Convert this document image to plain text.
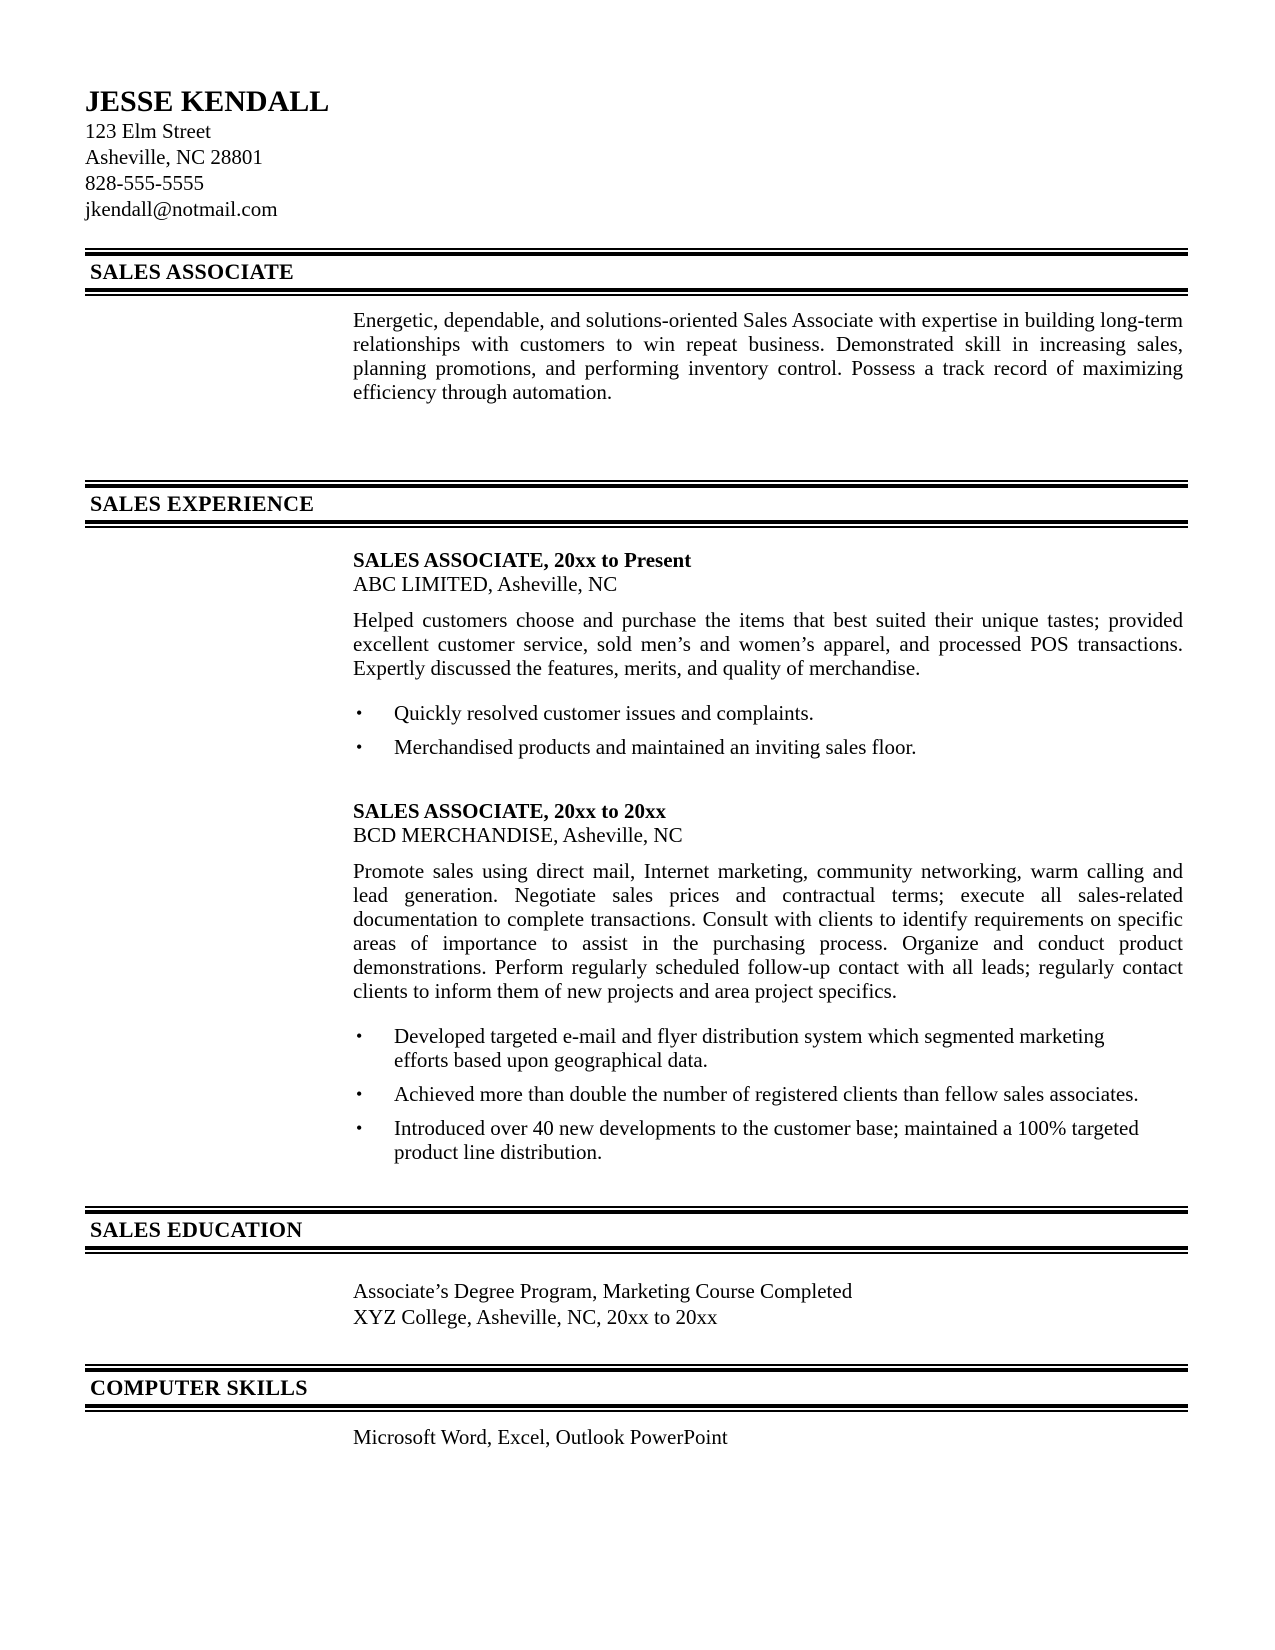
JESSE KENDALL
123 Elm Street
Asheville, NC 28801
828-555-5555
jkendall@notmail.com
SALES ASSOCIATE

Energetic, dependable, and solutions-oriented Sales Associate with expertise in building long-term relationships with customers to win repeat business. Demonstrated skill in increasing sales, planning promotions, and performing inventory control. Possess a track record of maximizing efficiency through automation.

SALES EXPERIENCE
SALES ASSOCIATE, 20xx to Present
ABC LIMITED, Asheville, NC

Helped customers choose and purchase the items that best suited their unique tastes; provided excellent customer service, sold men’s and women’s apparel, and processed POS transactions. Expertly discussed the features, merits, and quality of merchandise.

•	Quickly resolved customer issues and complaints.
•	Merchandised products and maintained an inviting sales floor.
SALES ASSOCIATE, 20xx to 20xx
BCD MERCHANDISE, Asheville, NC

Promote sales using direct mail, Internet marketing, community networking, warm calling and lead generation. Negotiate sales prices and contractual terms; execute all sales-related documentation to complete transactions. Consult with clients to identify requirements on specific areas of importance to assist in the purchasing process. Organize and conduct product demonstrations. Perform regularly scheduled follow-up contact with all leads; regularly contact clients to inform them of new projects and area project specifics.

•	Developed targeted e-mail and flyer distribution system which segmented marketing efforts based upon geographical data.
•	Achieved more than double the number of registered clients than fellow sales associates.
•	Introduced over 40 new developments to the customer base; maintained a 100% targeted product line distribution.
SALES EDUCATION
Associate’s Degree Program, Marketing Course Completed
XYZ College, Asheville, NC, 20xx to 20xx
COMPUTER SKILLS
Microsoft Word, Excel, Outlook PowerPoint
